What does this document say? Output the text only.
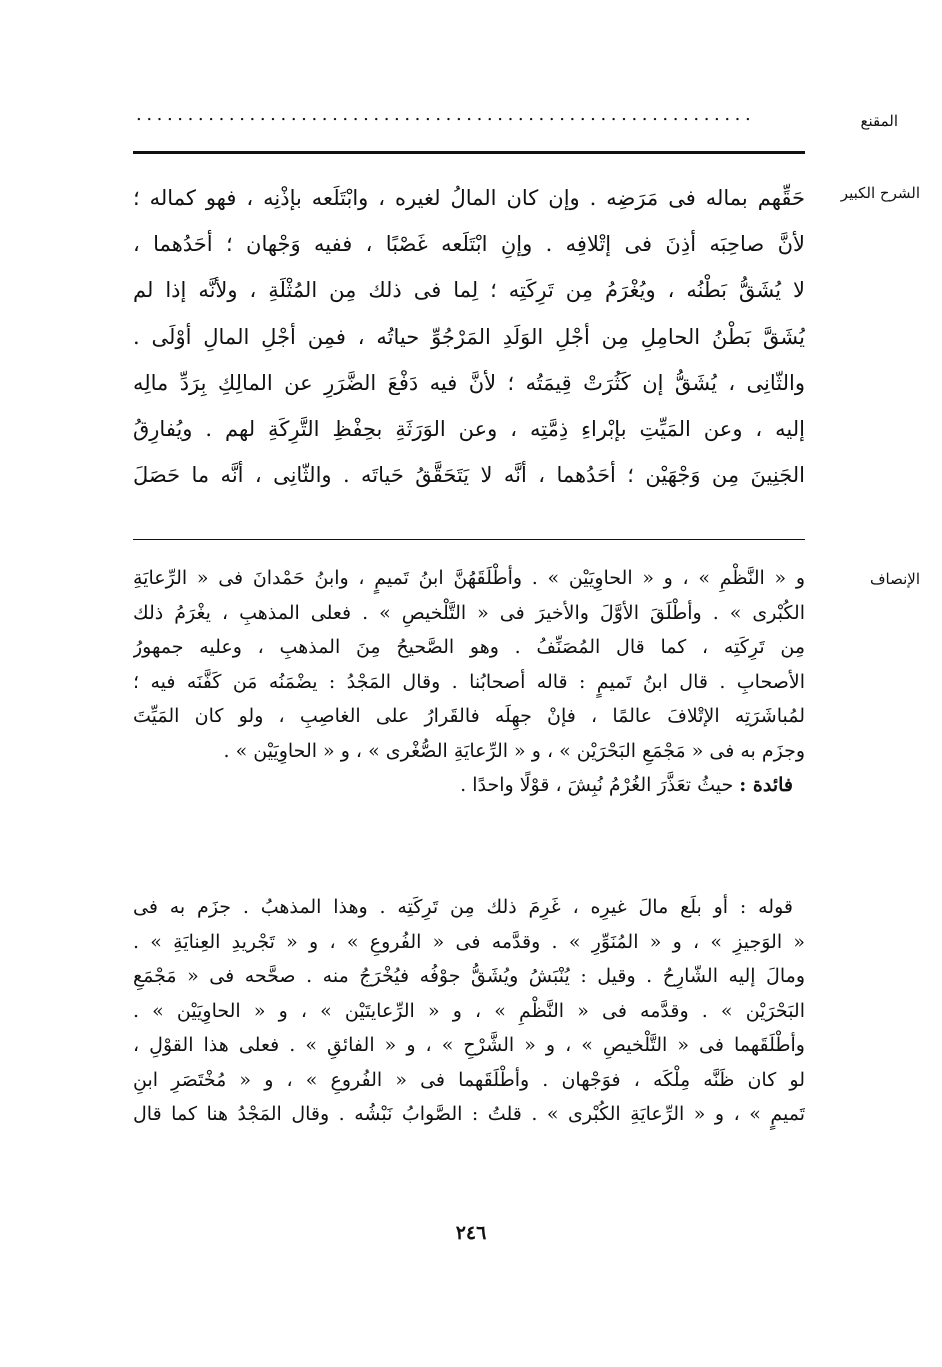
المقنع
............................................................
الشرح الكبير
حَقِّهم بماله فى مَرَضِه . وإن كان المالُ لغيره ، وابْتَلَعه بإذْنِه ، فهو كماله ؛
لأنَّ صاحِبَه أذِنَ فى إتْلافِه . وإنِ ابْتَلَعه غَصْبًا ، ففيه وَجْهان ؛ أحَدُهما ،
لا يُشَقُّ بَطْنُه ، ويُغْرَمُ مِن تَرِكَتِه ؛ لِما فى ذلك مِن المُثْلَةِ ، ولأنَّه إذا لم
يُشَقَّ بَطْنُ الحامِلِ مِن أجْلِ الوَلَدِ المَرْجُوِّ حياتُه ، فمِن أجْلِ المالِ أوْلَى .
والثّانِى ، يُشَقُّ إن كَثُرَتْ قِيمَتُه ؛ لأنَّ فيه دَفْعَ الضَّرَرِ عن المالِكِ بِرَدِّ مالِه
إليه ، وعن المَيِّتِ بإبْراءِ ذِمَّتِه ، وعن الوَرَثَةِ بحِفْظِ التَّرِكَةِ لهم . ويُفارِقُ
الجَنِينَ مِن وَجْهَيْن ؛ أحَدُهما ، أنَّه لا يَتَحَقَّقُ حَياتَه . والثّانِى ، أنَّه ما حَصَلَ
الإنصاف
و « النَّظْمِ » ، و « الحاوِيَيْن » . وأطْلَقَهُنَّ ابنُ تَميمٍ ، وابنُ حَمْدانَ فى « الرِّعايَةِ
الكُبْرى » . وأطْلَقَ الأوَّلَ والأخيرَ فى « التَّلْخيصِ » . فعلى المذهبِ ، يغْرَمُ ذلك
مِن تَرِكَتِه ، كما قال المُصَنِّفُ . وهو الصَّحيحُ مِنَ المذهبِ ، وعليه جمهورُ
الأصحابِ . قال ابنُ تَميمٍ : قاله أصحابُنا . وقال المَجْدُ : يضْمَنُه مَن كَفَّنَه فيه ؛
لمُباشَرَتِه الإتْلافَ عالمًا ، فإنْ جهِلَه فالقَرارُ على الغاصِبِ ، ولو كان المَيِّتَ
وجزَم به فى « مَجْمَعِ البَحْرَيْن » ، و « الرِّعايَةِ الصُّغْرى » ، و « الحاوِيَيْن » .
فائدة : حيثُ تعَذَّرَ الغُرْمُ نُبِشَ ، قوْلًا واحدًا .
قوله : أو بلَع مالَ غيرِه ، غَرِمَ ذلك مِن تَرِكَتِه . وهذا المذهبُ . جزَم به فى
« الوَجيزِ » ، و « المُنَوِّرِ » . وقدَّمه فى « الفُروعِ » ، و « تَجْريدِ العِنايَةِ » .
ومالَ إليه الشّارِحُ . وقيل : يُنْبَشُ ويُشَقُّ جوْفُه فيُخْرَجُ منه . صحَّحه فى « مَجْمَعِ
البَحْرَيْن » . وقدَّمه فى « النَّظْمِ » ، و « الرِّعايتَيْن » ، و « الحاوِيَيْن » .
وأطْلَقَهما فى « التَّلْخيصِ » ، و « الشَّرْحِ » ، و « الفائقِ » . فعلى هذا القوْلِ ،
لو كان ظَنَّه مِلْكَه ، فوَجْهان . وأطْلَقَهما فى « الفُروعِ » ، و « مُخْتَصَرِ ابنِ
تَميمٍ » ، و « الرِّعايَةِ الكُبْرى » . قلتُ : الصَّوابُ نَبْشُه . وقال المَجْدُ هنا كما قال
٢٤٦
